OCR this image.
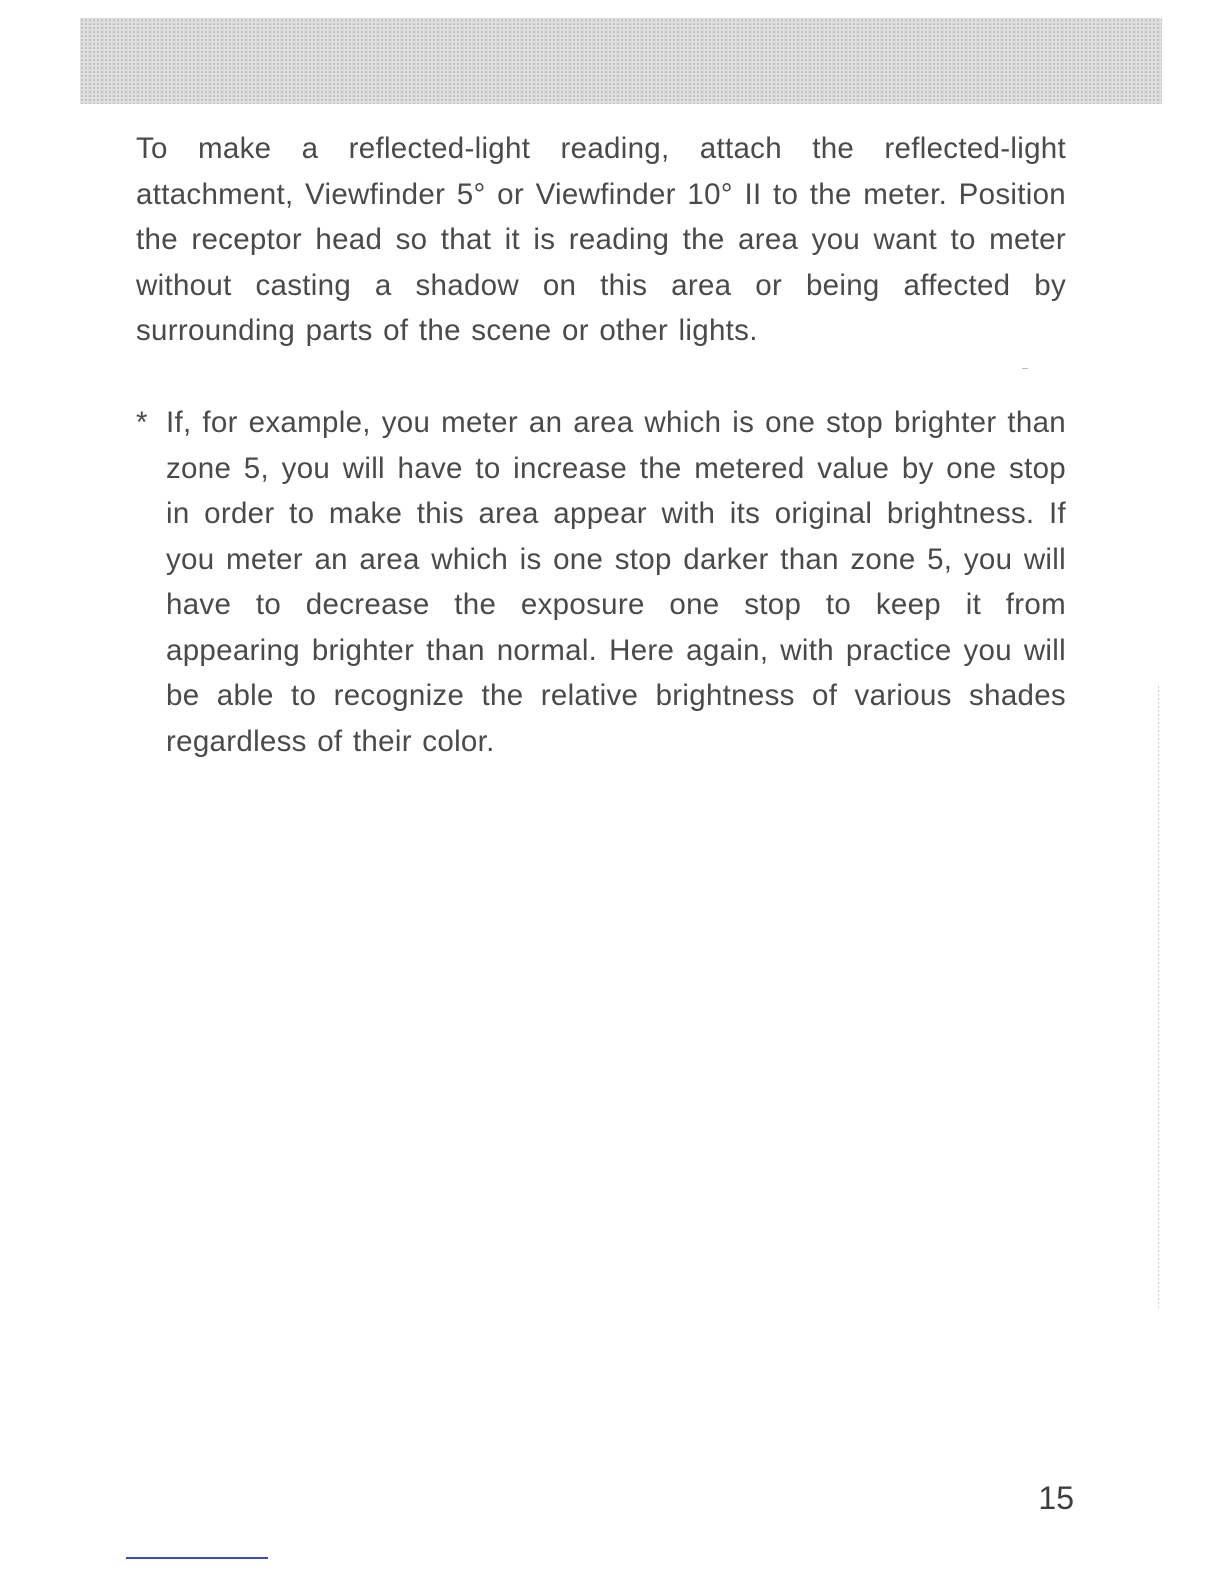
To make a reflected-light reading, attach the reflected-light attachment, Viewfinder 5° or Viewfinder 10° II to the meter. Position the receptor head so that it is reading the area you want to meter without casting a shadow on this area or being affected by surrounding parts of the scene or other lights.

* If, for example, you meter an area which is one stop brighter than zone 5, you will have to increase the metered value by one stop in order to make this area appear with its original brightness. If you meter an area which is one stop darker than zone 5, you will have to decrease the exposure one stop to keep it from appearing brighter than normal. Here again, with practice you will be able to recognize the relative brightness of various shades regardless of their color.

15
